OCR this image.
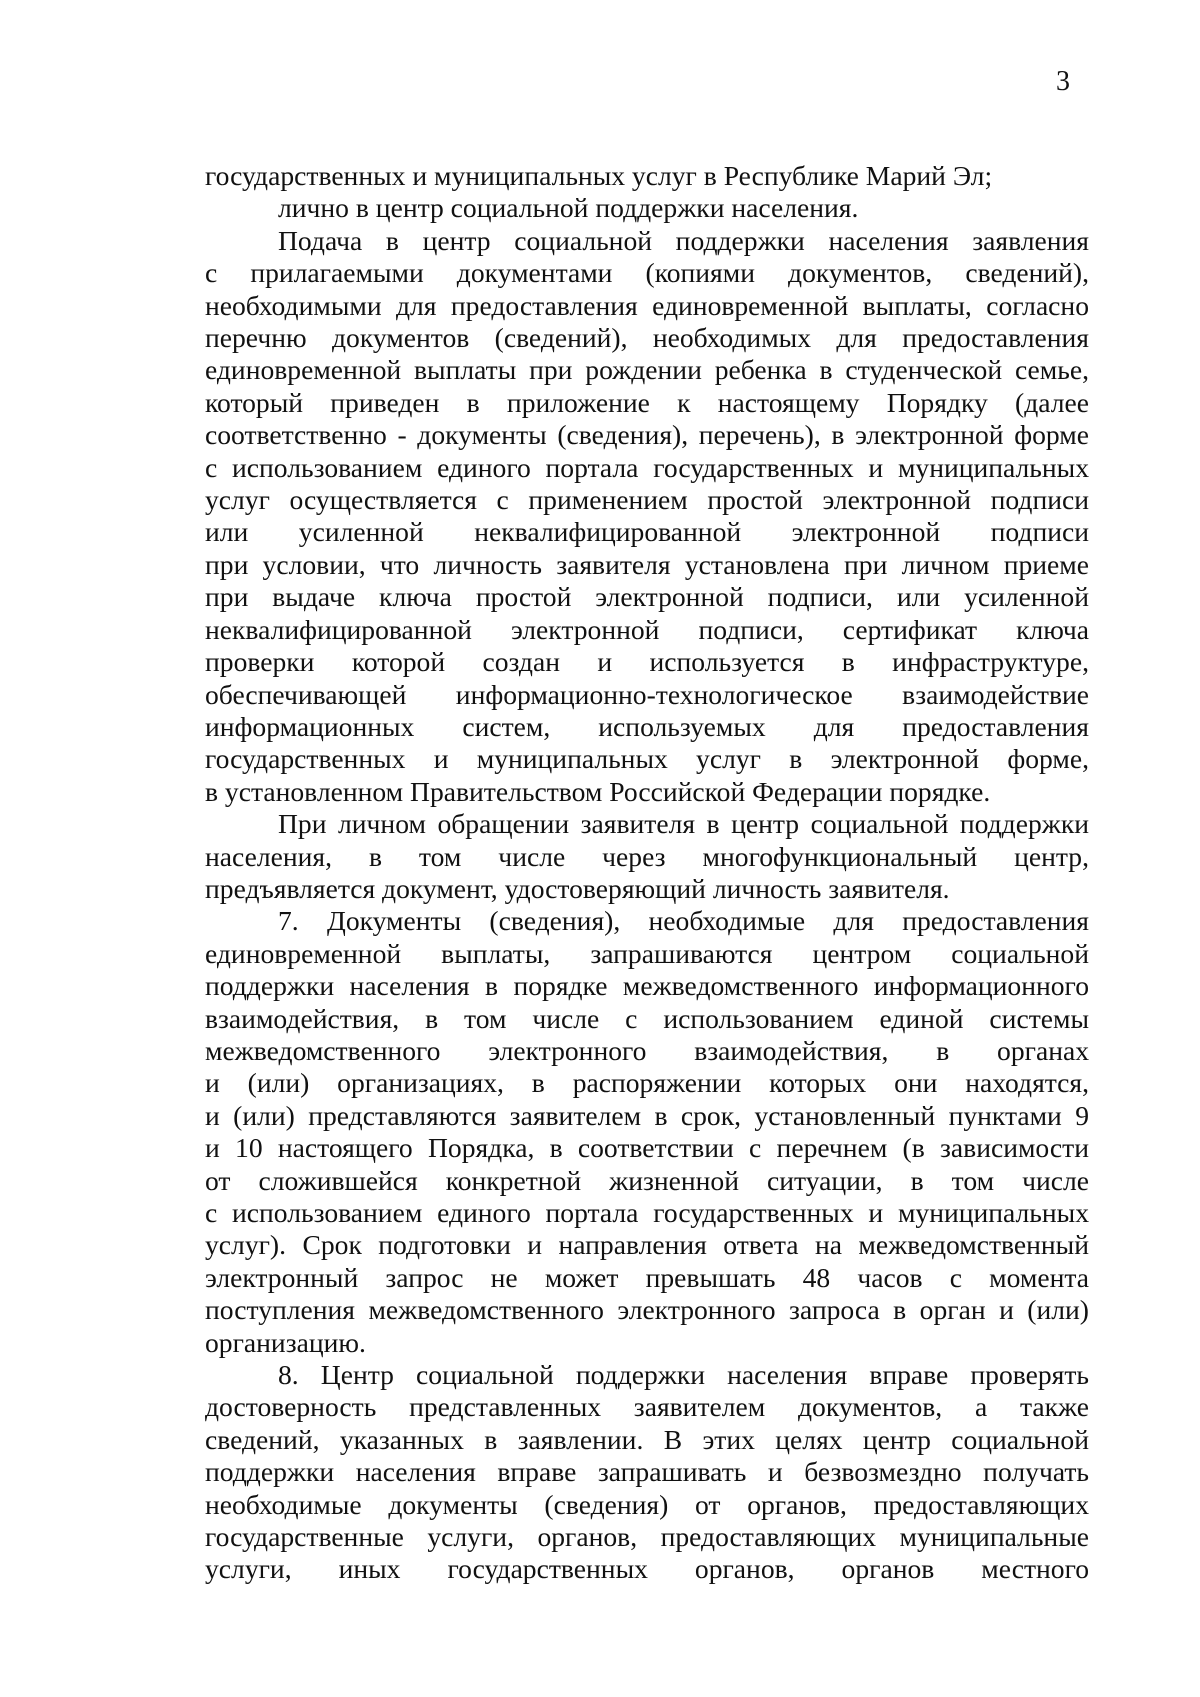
3
государственных и муниципальных услуг в Республике Марий Эл;
лично в центр социальной поддержки населения.
Подача в центр социальной поддержки населения заявления
с прилагаемыми документами (копиями документов, сведений),
необходимыми для предоставления единовременной выплаты, согласно
перечню документов (сведений), необходимых для предоставления
единовременной выплаты при рождении ребенка в студенческой семье,
который приведен в приложение к настоящему Порядку (далее
соответственно - документы (сведения), перечень), в электронной форме
с использованием единого портала государственных и муниципальных
услуг осуществляется с применением простой электронной подписи
или усиленной неквалифицированной электронной подписи
при условии, что личность заявителя установлена при личном приеме
при выдаче ключа простой электронной подписи, или усиленной
неквалифицированной электронной подписи, сертификат ключа
проверки которой создан и используется в инфраструктуре,
обеспечивающей информационно-технологическое взаимодействие
информационных систем, используемых для предоставления
государственных и муниципальных услуг в электронной форме,
в установленном Правительством Российской Федерации порядке.
При личном обращении заявителя в центр социальной поддержки
населения, в том числе через многофункциональный центр,
предъявляется документ, удостоверяющий личность заявителя.
7. Документы (сведения), необходимые для предоставления
единовременной выплаты, запрашиваются центром социальной
поддержки населения в порядке межведомственного информационного
взаимодействия, в том числе с использованием единой системы
межведомственного электронного взаимодействия, в органах
и (или) организациях, в распоряжении которых они находятся,
и (или) представляются заявителем в срок, установленный пунктами 9
и 10 настоящего Порядка, в соответствии с перечнем (в зависимости
от сложившейся конкретной жизненной ситуации, в том числе
с использованием единого портала государственных и муниципальных
услуг). Срок подготовки и направления ответа на межведомственный
электронный запрос не может превышать 48 часов с момента
поступления межведомственного электронного запроса в орган и (или)
организацию.
8. Центр социальной поддержки населения вправе проверять
достоверность представленных заявителем документов, а также
сведений, указанных в заявлении. В этих целях центр социальной
поддержки населения вправе запрашивать и безвозмездно получать
необходимые документы (сведения) от органов, предоставляющих
государственные услуги, органов, предоставляющих муниципальные
услуги, иных государственных органов, органов местного
